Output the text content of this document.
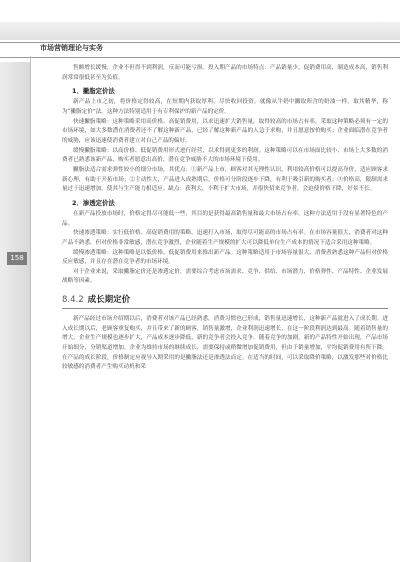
市场营销理论与实务
158

售额增长缓慢，企业不但得不到利润，反而可能亏损。投入期产品的市场特点：产品销量少，促销费用高，制造成本高，销售利润常常很低甚至为负值。

1．撇脂定价法

新产品上市之初，将价格定得较高，在短期内获取厚利，尽快收回投资。就像从牛奶中撇取所含的奶油一样，取其精华，称为“撇脂定价”法。这种方法特别适用于有专利保护的新产品的定价。

快速撇脂策略：这种策略采用高价格、高促销费用，以求迅速扩大销售量，取得较高的市场占有率。采取这种策略必须有一定的市场环境，如大多数潜在消费者还不了解这种新产品，已经了解这种新产品的人急于求购，并且愿意按价购买；企业面临潜在竞争者的威胁，应该迅速使消费者建立对自己产品的偏好。

缓慢撇脂策略：以高价格、低促销费用形式进行经营，以求得到更多的利润。这种策略可以在市场面比较小、市场上大多数的消费者已熟悉该新产品、购买者愿意出高价、潜在竞争威胁不大的市场环境下使用。

撇脂法适合需求弹性较小的细分市场，其优点：①新产品上市，顾客对其无理性认识，利用较高价格可以提高身价，适应顾客求新心理，有助于开拓市场；②主动性大，产品进入成熟期后，价格可分阶段逐步下降，有利于吸引新的购买者；③价格高，限制需求量过于迅速增加，使其与生产能力相适应。缺点：获利大，不利于扩大市场，并很快招来竞争者，会迫使价格下降，好景不长。

2．渗透定价法

在新产品投放市场时，价格定得尽可能低一些，其目的是获得最高销售量和最大市场占有率。这种方法适用于没有显著特色的产品。

快速渗透策略：实行低价格、高促销费用的策略，迅速打入市场，取得尽可能高的市场占有率。在市场容量很大，消费者对这种产品不熟悉，但对价格非常敏感，潜在竞争激烈，企业随着生产规模的扩大可以降低单位生产成本的情况下适合采用这种策略。

缓慢渗透策略：这种策略是以低价格、低促销费用来推出新产品。这种策略适用于市场容量很大、消费者熟悉这种产品但对价格反应敏感，并且存在潜在竞争者的市场环境。

对于企业来说，采取撇脂定价还是渗透定价，需要综合考虑市场需求、竞争、供给、市场潜力、价格弹性、产品特性、企业发展战略等因素。

8.4.2 成长期定价

新产品经过市场介绍期以后，消费者对该产品已经熟悉，消费习惯也已形成，销售量迅速增长，这种新产品就进入了成长期。进入成长期以后，老顾客重复购买，并且带来了新的顾客，销售量激增，企业利润迅速增长，在这一阶段利润达到最高。随着销售量的增大，企业生产规模也逐步扩大，产品成本逐步降低，新的竞争者会投入竞争。随着竞争的加剧，新的产品特性开始出现，产品市场开始细分，分销渠道增加。企业为维持市场的继续成长，需要保持或稍微增加促销费用，但由于销量增加，平均促销费用有所下降。在产品的成长阶段，价格制定应视导入期采用的是撇脂法还是渗透法而定。在适当的时间，可以采取降价策略，以激发那些对价格比较敏感的消费者产生购买动机和采
